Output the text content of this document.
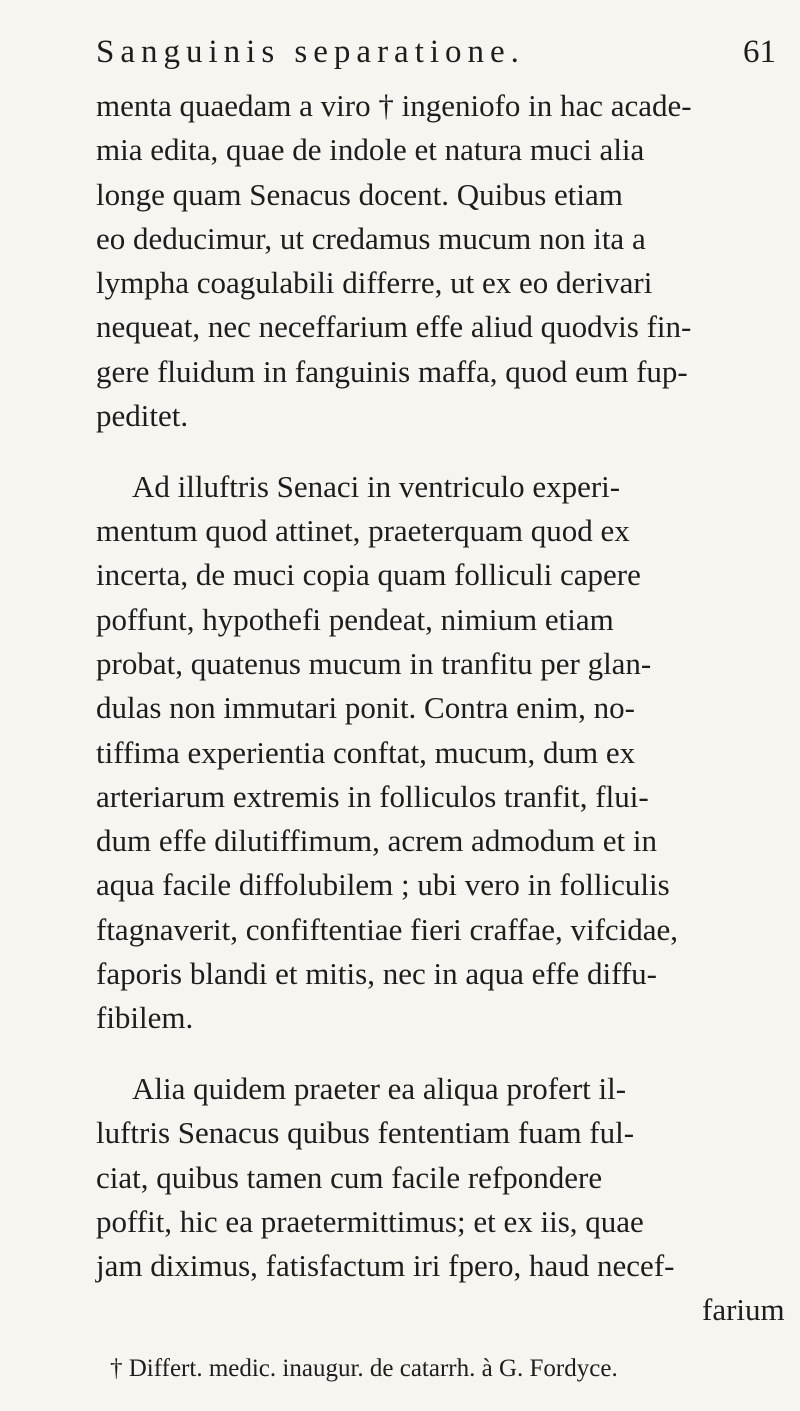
Sanguinis separatione.	61
menta quaedam a viro † ingeniofo in hac acade-
mia edita, quae de indole et natura muci alia
longe quam Senacus docent. Quibus etiam
eo deducimur, ut credamus mucum non ita a
lympha coagulabili differre, ut ex eo derivari
nequeat, nec neceffarium effe aliud quodvis fin-
gere fluidum in fanguinis maffa, quod eum fup-
peditet.
Ad illuftris Senaci in ventriculo experi-
mentum quod attinet, praeterquam quod ex
incerta, de muci copia quam folliculi capere
poffunt, hypothefi pendeat, nimium etiam
probat, quatenus mucum in tranfitu per glan-
dulas non immutari ponit. Contra enim, no-
tiffima experientia conftat, mucum, dum ex
arteriarum extremis in folliculos tranfit, flui-
dum effe dilutiffimum, acrem admodum et in
aqua facile diffolubilem ; ubi vero in folliculis
ftagnaverit, confiftentiae fieri craffae, vifcidae,
faporis blandi et mitis, nec in aqua effe diffu-
fibilem.
Alia quidem praeter ea aliqua profert il-
luftris Senacus quibus fententiam fuam ful-
ciat, quibus tamen cum facile refpondere
poffit, hic ea praetermittimus; et ex iis, quae
jam diximus, fatisfactum iri fpero, haud necef-
farium
† Differt. medic. inaugur. de catarrh. à G. Fordyce.
